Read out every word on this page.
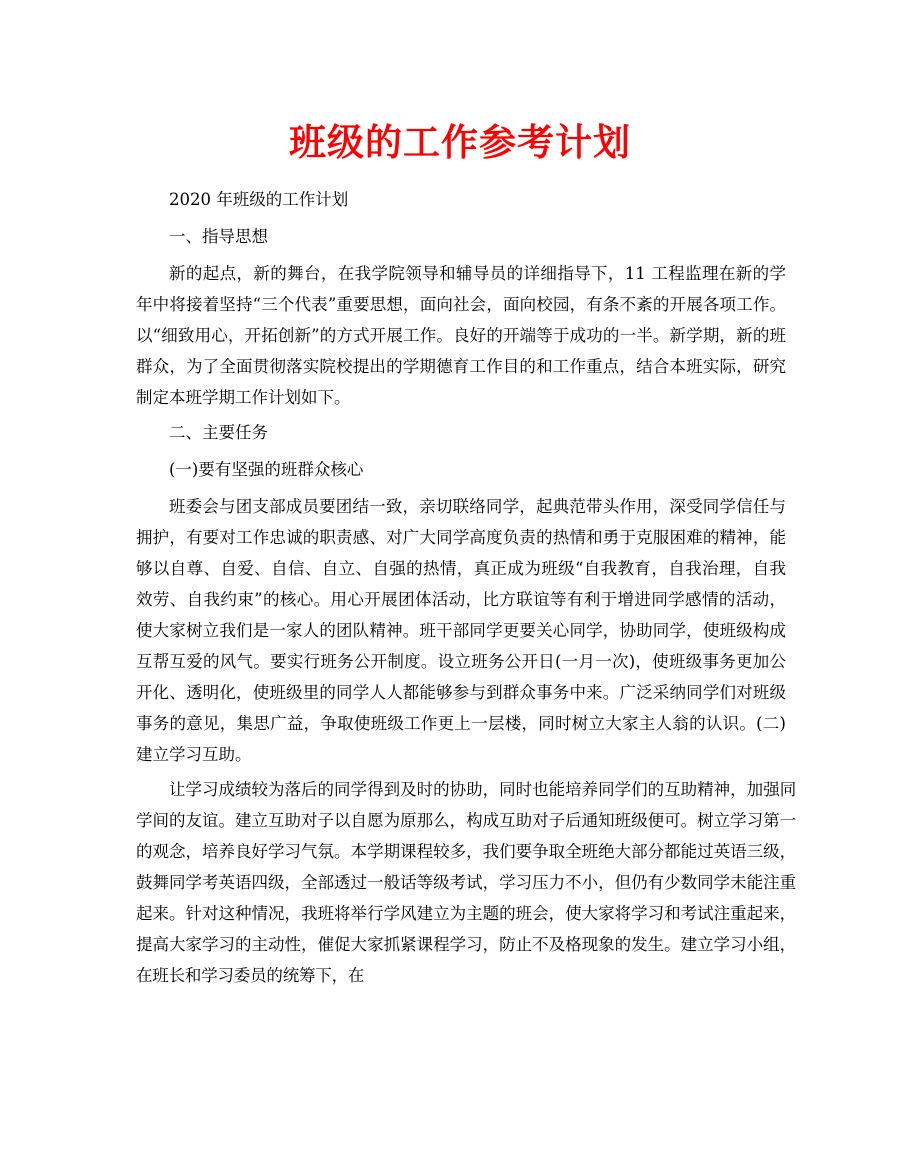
班级的工作参考计划

2020 年班级的工作计划

一、指导思想

新的起点，新的舞台，在我学院领导和辅导员的详细指导下，11 工程监理在新的学年中将接着坚持“三个代表”重要思想，面向社会，面向校园，有条不紊的开展各项工作。以“细致用心，开拓创新”的方式开展工作。良好的开端等于成功的一半。新学期，新的班群众，为了全面贯彻落实院校提出的学期德育工作目的和工作重点，结合本班实际，研究制定本班学期工作计划如下。

二、主要任务

(一)要有坚强的班群众核心

班委会与团支部成员要团结一致，亲切联络同学，起典范带头作用，深受同学信任与拥护，有要对工作忠诚的职责感、对广大同学高度负责的热情和勇于克服困难的精神，能够以自尊、自爱、自信、自立、自强的热情，真正成为班级“自我教育，自我治理，自我效劳、自我约束”的核心。用心开展团体活动，比方联谊等有利于增进同学感情的活动，使大家树立我们是一家人的团队精神。班干部同学更要关心同学，协助同学，使班级构成互帮互爱的风气。要实行班务公开制度。设立班务公开日(一月一次)，使班级事务更加公开化、透明化，使班级里的同学人人都能够参与到群众事务中来。广泛采纳同学们对班级事务的意见，集思广益，争取使班级工作更上一层楼，同时树立大家主人翁的认识。(二)建立学习互助。

让学习成绩较为落后的同学得到及时的协助，同时也能培养同学们的互助精神，加强同学间的友谊。建立互助对子以自愿为原那么，构成互助对子后通知班级便可。树立学习第一的观念，培养良好学习气氛。本学期课程较多，我们要争取全班绝大部分都能过英语三级，鼓舞同学考英语四级，全部透过一般话等级考试，学习压力不小，但仍有少数同学未能注重起来。针对这种情况，我班将举行学风建立为主题的班会，使大家将学习和考试注重起来，提高大家学习的主动性，催促大家抓紧课程学习，防止不及格现象的发生。建立学习小组，在班长和学习委员的统筹下，在
